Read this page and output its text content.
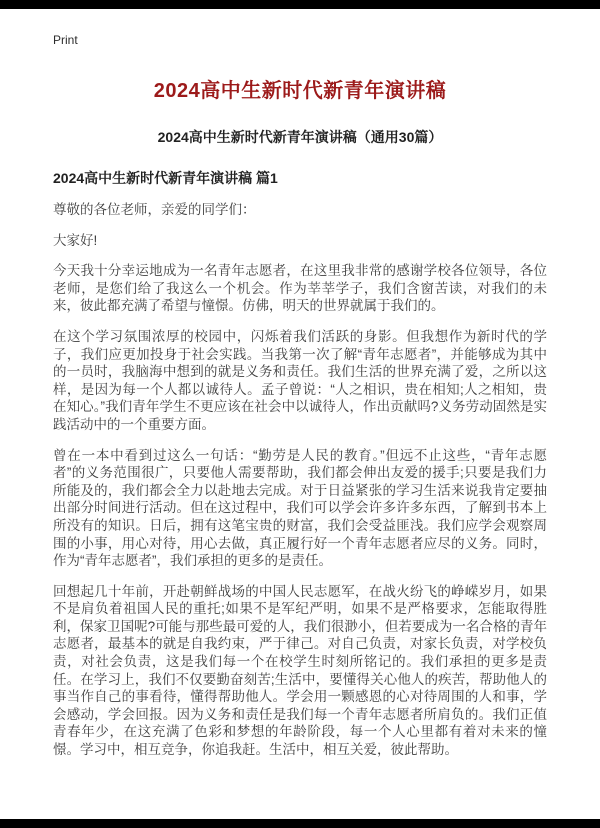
Print
2024高中生新时代新青年演讲稿
2024高中生新时代新青年演讲稿（通用30篇）
2024高中生新时代新青年演讲稿 篇1

尊敬的各位老师，亲爱的同学们：

大家好!

今天我十分幸运地成为一名青年志愿者，在这里我非常的感谢学校各位领导，各位老师，是您们给了我这么一个机会。作为莘莘学子，我们含窗苦读，对我们的未来，彼此都充满了希望与憧憬。仿佛，明天的世界就属于我们的。

在这个学习氛围浓厚的校园中，闪烁着我们活跃的身影。但我想作为新时代的学子，我们应更加投身于社会实践。当我第一次了解“青年志愿者”，并能够成为其中的一员时，我脑海中想到的就是义务和责任。我们生活的世界充满了爱，之所以这样，是因为每一个人都以诚待人。孟子曾说：“人之相识，贵在相知;人之相知，贵在知心。”我们青年学生不更应该在社会中以诚待人，作出贡献吗?义务劳动固然是实践活动中的一个重要方面。

曾在一本中看到过这么一句话：“勤劳是人民的教育。”但远不止这些，“青年志愿者”的义务范围很广，只要他人需要帮助，我们都会伸出友爱的援手;只要是我们力所能及的，我们都会全力以赴地去完成。对于日益紧张的学习生活来说我肯定要抽出部分时间进行活动。但在这过程中，我们可以学会许多许多东西，了解到书本上所没有的知识。日后，拥有这笔宝贵的财富，我们会受益匪浅。我们应学会观察周围的小事，用心对待，用心去做，真正履行好一个青年志愿者应尽的义务。同时，作为“青年志愿者”，我们承担的更多的是责任。

回想起几十年前，开赴朝鲜战场的中国人民志愿军，在战火纷飞的峥嵘岁月，如果不是肩负着祖国人民的重托;如果不是军纪严明，如果不是严格要求，怎能取得胜利，保家卫国呢?可能与那些最可爱的人，我们很渺小，但若要成为一名合格的青年志愿者，最基本的就是自我约束，严于律己。对自己负责，对家长负责，对学校负责，对社会负责，这是我们每一个在校学生时刻所铭记的。我们承担的更多是责任。在学习上，我们不仅要勤奋刻苦;生活中，要懂得关心他人的疾苦，帮助他人的事当作自己的事看待，懂得帮助他人。学会用一颗感恩的心对待周围的人和事，学会感动，学会回报。因为义务和责任是我们每一个青年志愿者所肩负的。我们正值青春年少，在这充满了色彩和梦想的年龄阶段，每一个人心里都有着对未来的憧憬。学习中，相互竞争，你追我赶。生活中，相互关爱，彼此帮助。
